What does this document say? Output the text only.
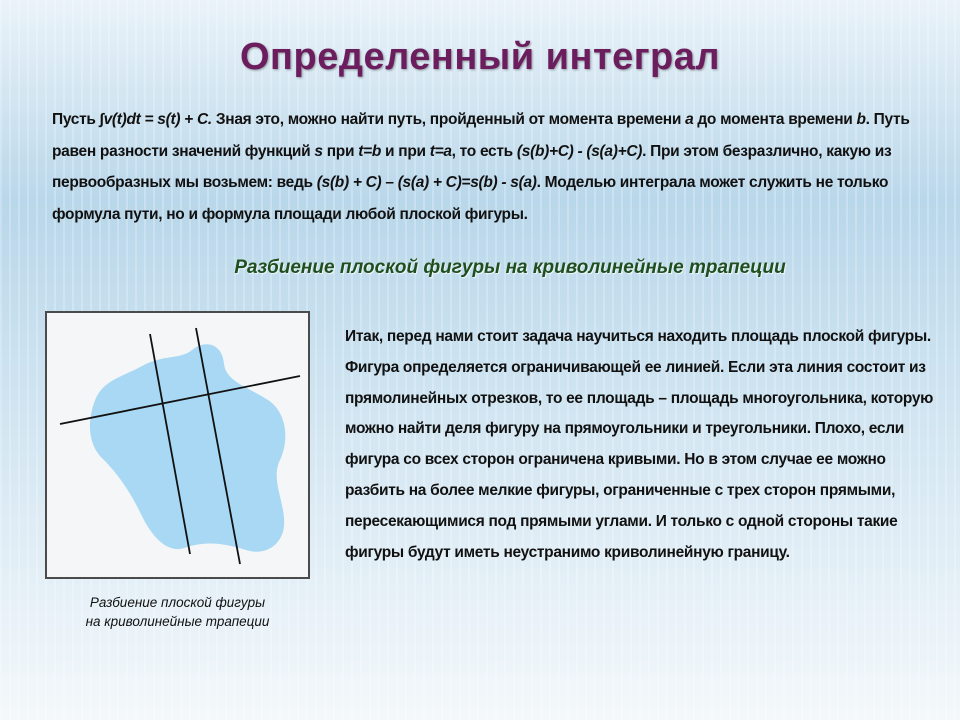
Определенный интеграл
Пусть ∫v(t)dt = s(t) + C. Зная это, можно найти путь, пройденный от момента времени a до момента времени b. Путь равен разности значений функций s при t=b и при t=a, то есть (s(b)+C) - (s(a)+C). При этом безразлично, какую из первообразных мы возьмем: ведь (s(b) + C) – (s(a) + C)=s(b) - s(a). Моделью интеграла может служить не только формула пути, но и формула площади любой плоской фигуры.
Разбиение плоской фигуры на криволинейные трапеции
Разбиение плоской фигуры
на криволинейные трапеции
Итак, перед нами стоит задача научиться находить площадь плоской фигуры. Фигура определяется ограничивающей ее линией. Если эта линия состоит из прямолинейных отрезков, то ее площадь – площадь многоугольника, которую можно найти деля фигуру на прямоугольники и треугольники. Плохо, если фигура со всех сторон ограничена кривыми. Но в этом случае ее можно разбить на более мелкие фигуры, ограниченные с трех сторон прямыми, пересекающимися под прямыми углами. И только с одной стороны такие фигуры будут иметь неустранимо криволинейную границу.
